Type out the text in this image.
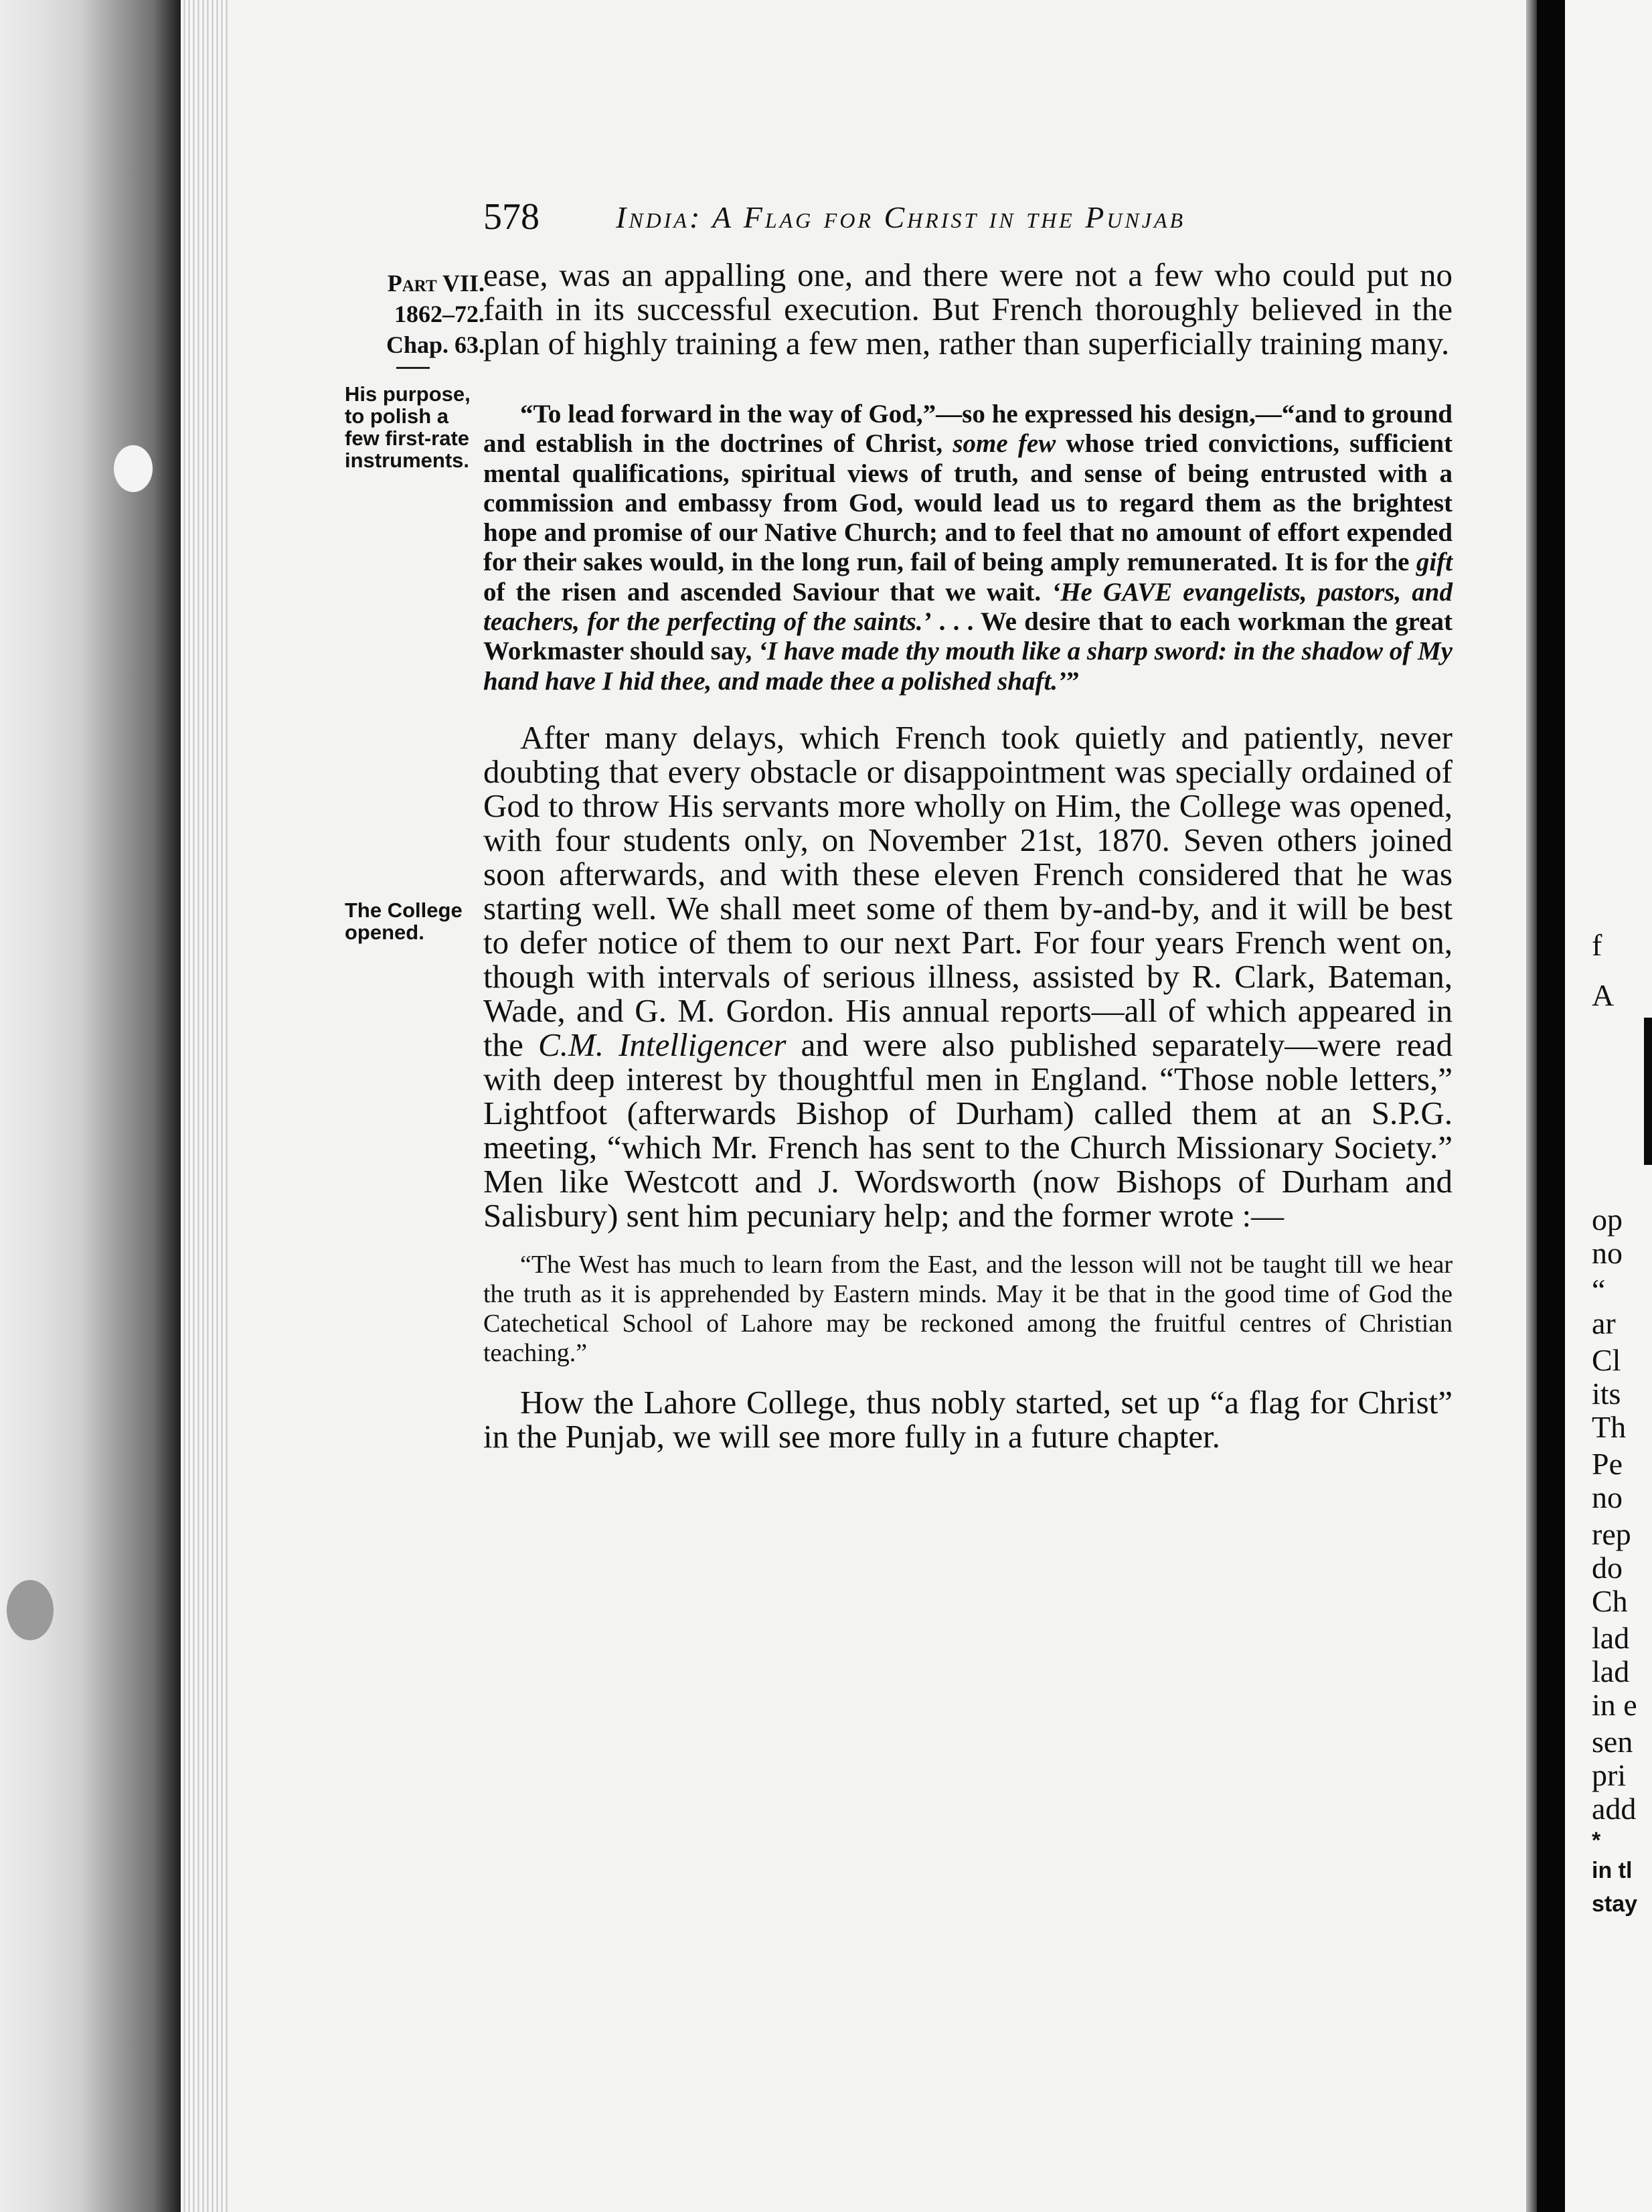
578 India: A Flag for Christ in the Punjab
Part VII.
1862–72.
Chap. 63.
His purpose, to polish a few first-rate instruments.
The College opened.

ease, was an appalling one, and there were not a few who could put no faith in its successful execution. But French thoroughly believed in the plan of highly training a few men, rather than superficially training many.

“To lead forward in the way of God,”—so he expressed his design,—“and to ground and establish in the doctrines of Christ, some few whose tried convictions, sufficient mental qualifications, spiritual views of truth, and sense of being entrusted with a commission and embassy from God, would lead us to regard them as the brightest hope and promise of our Native Church; and to feel that no amount of effort expended for their sakes would, in the long run, fail of being amply remunerated. It is for the gift of the risen and ascended Saviour that we wait. ‘He GAVE evangelists, pastors, and teachers, for the perfecting of the saints.’ . . . We desire that to each workman the great Workmaster should say, ‘I have made thy mouth like a sharp sword: in the shadow of My hand have I hid thee, and made thee a polished shaft.’”

After many delays, which French took quietly and patiently, never doubting that every obstacle or disappointment was specially ordained of God to throw His servants more wholly on Him, the College was opened, with four students only, on November 21st, 1870. Seven others joined soon afterwards, and with these eleven French considered that he was starting well. We shall meet some of them by-and-by, and it will be best to defer notice of them to our next Part. For four years French went on, though with intervals of serious illness, assisted by R. Clark, Bateman, Wade, and G. M. Gordon. His annual reports—all of which appeared in the C.M. Intelligencer and were also published separately—were read with deep interest by thoughtful men in England. “Those noble letters,” Lightfoot (afterwards Bishop of Durham) called them at an S.P.G. meeting, “which Mr. French has sent to the Church Missionary Society.” Men like Westcott and J. Wordsworth (now Bishops of Durham and Salisbury) sent him pecuniary help; and the former wrote :—

“The West has much to learn from the East, and the lesson will not be taught till we hear the truth as it is apprehended by Eastern minds. May it be that in the good time of God the Catechetical School of Lahore may be reckoned among the fruitful centres of Christian teaching.”

How the Lahore College, thus nobly started, set up “a flag for Christ” in the Punjab, we will see more fully in a future chapter.

f
A
op
no
“
ar
Cl
its
Th
Pe
no
rep
do
Ch
lad
lad
in e
sen
pri
add
*
in tl
stay
